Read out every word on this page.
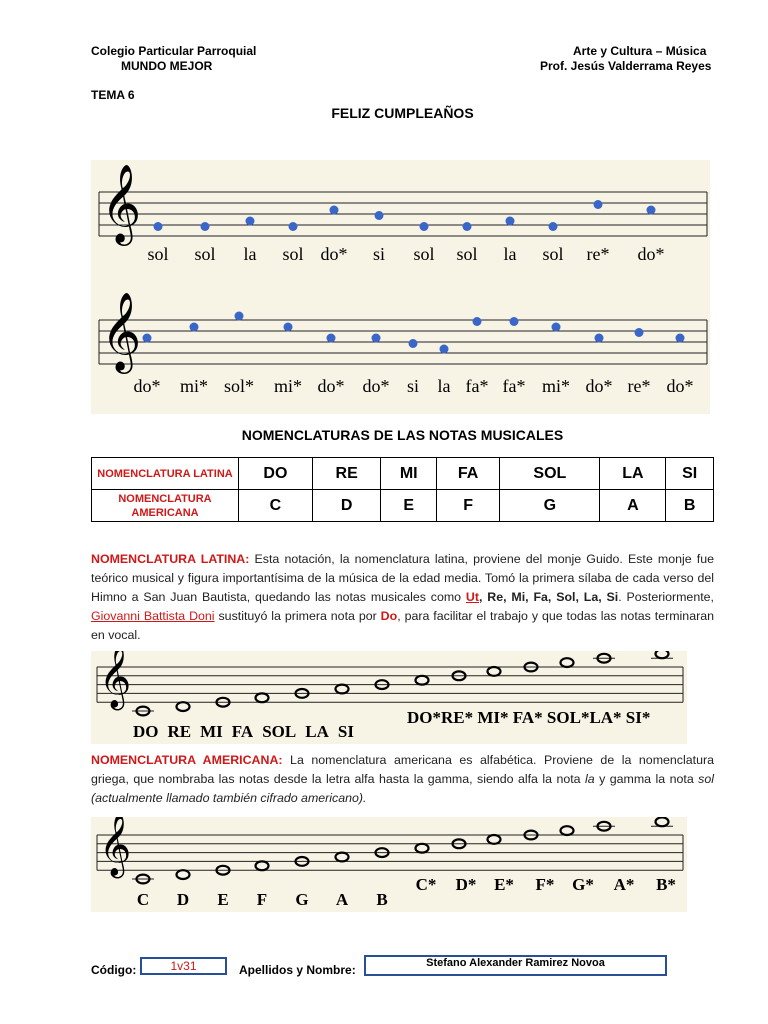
Colegio Particular Parroquial
MUNDO MEJOR
Arte y Cultura – Música
Prof. Jesús Valderrama Reyes
TEMA 6
FELIZ CUMPLEAÑOS
𝄞
sol sol la sol do* si sol sol la sol re* do*
𝄞
do* mi* sol* mi* do* do* si la fa* fa* mi* do* re* do*
NOMENCLATURAS DE LAS NOTAS MUSICALES
NOMENCLATURA LATINA	DO	RE	MI	FA	SOL	LA	SI
NOMENCLATURA AMERICANA	C	D	E	F	G	A	B
NOMENCLATURA LATINA: Esta notación, la nomenclatura latina, proviene del monje Guido. Este monje fue teórico musical y figura importantísima de la música de la edad media. Tomó la primera sílaba de cada verso del Himno a San Juan Bautista, quedando las notas musicales como Ut, Re, Mi, Fa, Sol, La, Si. Posteriormente, Giovanni Battista Doni sustituyó la primera nota por Do, para facilitar el trabajo y que todas las notas terminaran en vocal.
𝄞
DO RE MI FA SOL LA SI
DO*RE* MI* FA* SOL*LA* SI*
NOMENCLATURA AMERICANA: La nomenclatura americana es alfabética. Proviene de la nomenclatura griega, que nombraba las notas desde la letra alfa hasta la gamma, siendo alfa la nota la y gamma la nota sol (actualmente llamado también cifrado americano).
𝄞
C D E F G A B
C* D* E* F* G* A* B*
Código:	1v31	Apellidos y Nombre:	Stefano Alexander Ramirez Novoa
